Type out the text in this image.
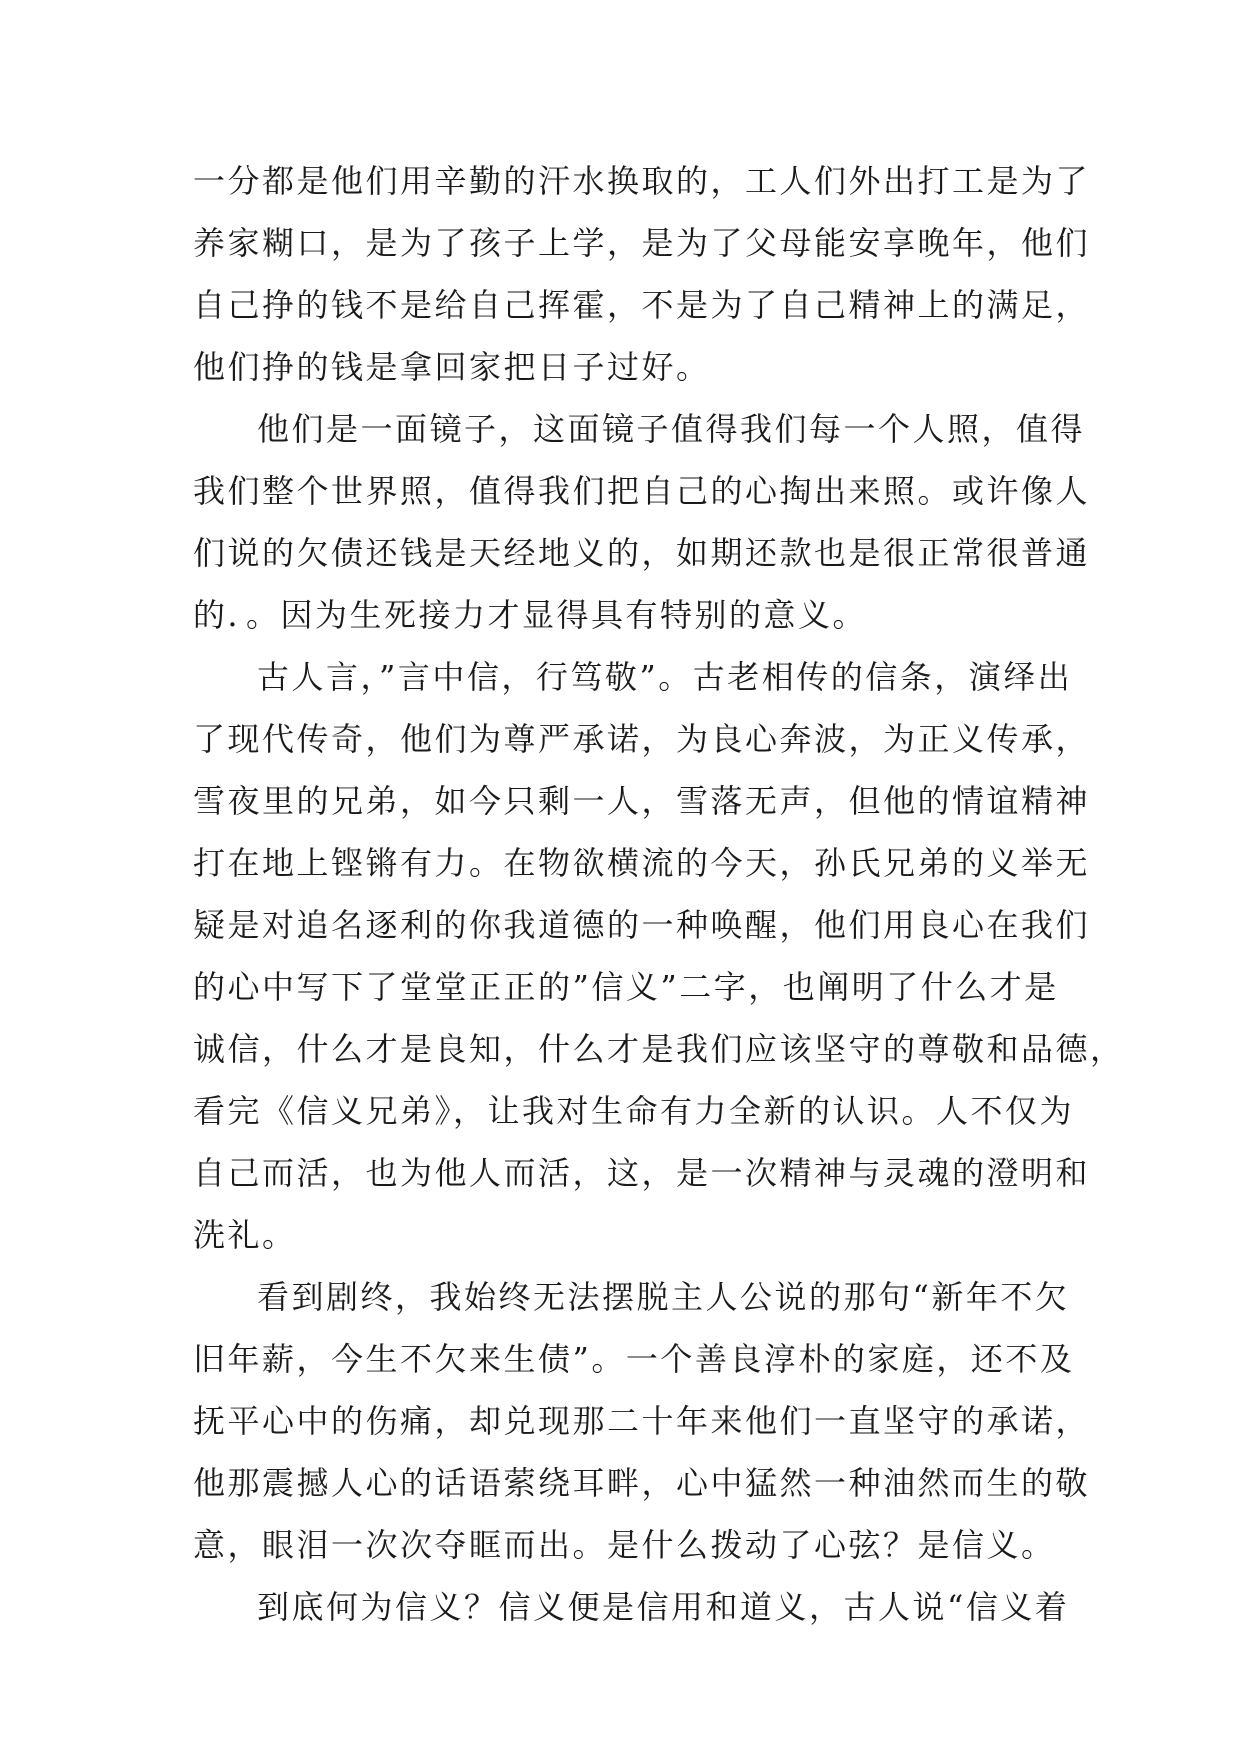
一分都是他们用辛勤的汗水换取的，工人们外出打工是为了
养家糊口，是为了孩子上学，是为了父母能安享晚年，他们
自己挣的钱不是给自己挥霍，不是为了自己精神上的满足，
他们挣的钱是拿回家把日子过好。
他们是一面镜子，这面镜子值得我们每一个人照，值得
我们整个世界照，值得我们把自己的心掏出来照。或许像人
们说的欠债还钱是天经地义的，如期还款也是很正常很普通
的．。因为生死接力才显得具有特别的意义。
古人言，”言中信，行笃敬”。古老相传的信条，演绎出
了现代传奇，他们为尊严承诺，为良心奔波，为正义传承，
雪夜里的兄弟，如今只剩一人，雪落无声，但他的情谊精神
打在地上铿锵有力。在物欲横流的今天，孙氏兄弟的义举无
疑是对追名逐利的你我道德的一种唤醒，他们用良心在我们
的心中写下了堂堂正正的”信义”二字，也阐明了什么才是
诚信，什么才是良知，什么才是我们应该坚守的尊敬和品德，
看完《信义兄弟》，让我对生命有力全新的认识。人不仅为
自己而活，也为他人而活，这，是一次精神与灵魂的澄明和
洗礼。
看到剧终，我始终无法摆脱主人公说的那句“新年不欠
旧年薪，今生不欠来生债”。一个善良淳朴的家庭，还不及
抚平心中的伤痛，却兑现那二十年来他们一直坚守的承诺，
他那震撼人心的话语萦绕耳畔，心中猛然一种油然而生的敬
意，眼泪一次次夺眶而出。是什么拨动了心弦？是信义。
到底何为信义？信义便是信用和道义，古人说“信义着
